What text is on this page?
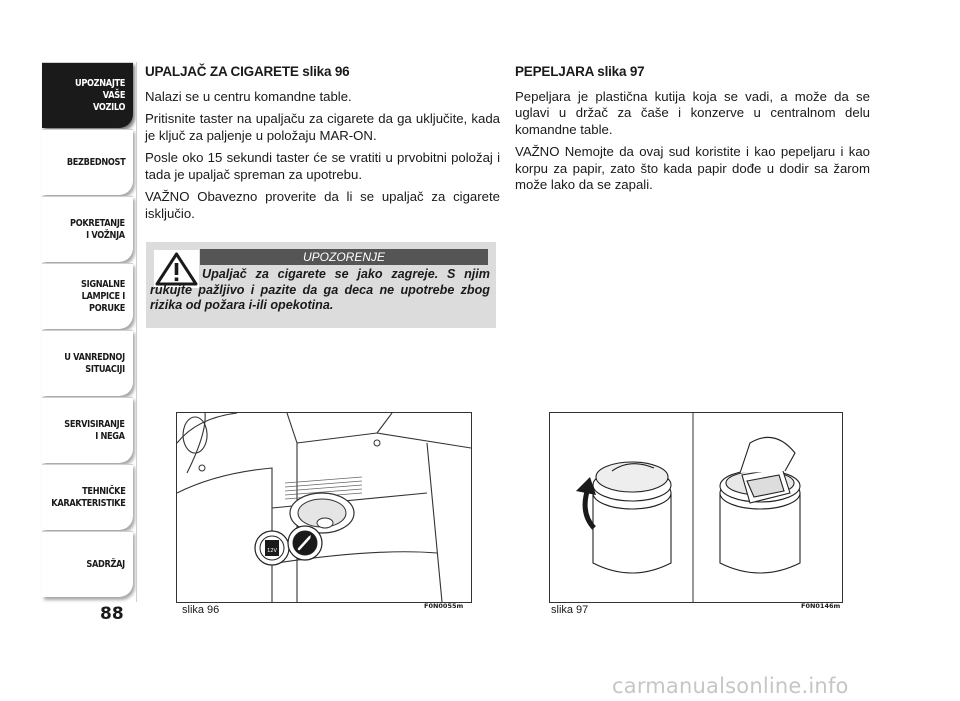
UPOZNAJTE
VAŠE
VOZILO
BEZBEDNOST
POKRETANJE
I VOŽNJA
SIGNALNE
LAMPICE I PORUKE
U VANREDNOJ
SITUACIJI
SERVISIRANJE
I NEGA
TEHNIČKE
KARAKTERISTIKE
SADRŽAJ
88
UPALJAČ ZA CIGARETE slika 96

Nalazi se u centru komandne table.

Pritisnite taster na upaljaču za cigarete da ga uključite, kada je ključ za paljenje u položaju MAR-ON.

Posle oko 15 sekundi taster će se vratiti u prvobitni položaj i tada je upaljač spreman za upotrebu.

VAŽNO Obavezno proverite da li se upaljač za cigarete isključio.

UPOZORENJE
Upaljač za cigarete se jako zagreje. S njim rukujte pažljivo i pazite da ga deca ne upotrebe zbog rizika od požara i-ili opekotina.
PEPELJARA slika 97

Pepeljara je plastična kutija koja se vadi, a može da se uglavi u držač za čaše i konzerve u centralnom delu komandne table.

VAŽNO Nemojte da ovaj sud koristite i kao pepeljaru i kao korpu za papir, zato što kada papir dođe u dodir sa žarom može lako da se zapali.

12V
slika 96	F0N0055m	slika 97	F0N0146m
carmanualsonline.info
